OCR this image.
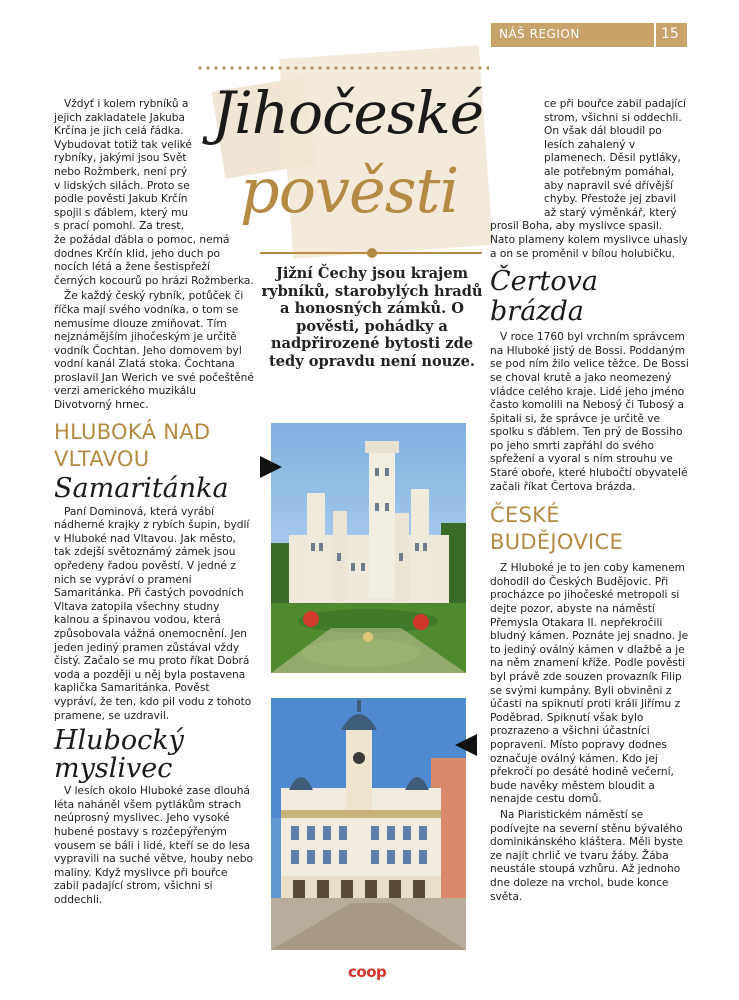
NÁŠ REGION	15
Jihočeské
pověsti
Jižní Čechy jsou krajem rybníků, starobylých hradů a honosných zámků. O pověsti, pohádky a nadpřirozené bytosti zde tedy opravdu není nouze.

Vždyť i kolem rybníků a jejich zakladatele Jakuba Krčína je jich celá řádka. Vybudovat totiž tak veliké rybníky, jakými jsou Svět nebo Rožmberk, není prý v lidských silách. Proto se podle pověsti Jakub Krčín spojil s ďáblem, který mu s prací pomohl. Za trest, že požádal ďábla o pomoc, nemá dodnes Krčín klid, jeho duch po nocích létá a žene šestispřeží černých kocourů po hrázi Rožmberka.

Že každý český rybník, potůček či říčka mají svého vodníka, o tom se nemusíme dlouze zmiňovat. Tím nejznámějším jihočeským je určitě vodník Čochtan. Jeho domovem byl vodní kanál Zlatá stoka. Čochtana proslavil Jan Werich ve své počeštěné verzi amerického muzikálu Divotvorný hrnec.

HLUBOKÁ NAD VLTAVOU
Samaritánka

Paní Dominová, která vyrábí nádherné krajky z rybích šupin, bydlí v Hluboké nad Vltavou. Jak město, tak zdejší světoznámý zámek jsou opředeny řadou pověstí. V jedné z nich se vypráví o prameni Samaritánka. Při častých povodních Vltava zatopila všechny studny kalnou a špinavou vodou, která způsobovala vážná onemocnění. Jen jeden jediný pramen zůstával vždy čistý. Začalo se mu proto říkat Dobrá voda a později u něj byla postavena kaplička Samaritánka. Pověst vypráví, že ten, kdo pil vodu z tohoto pramene, se uzdravil.

Hlubocký myslivec

V lesích okolo Hluboké zase dlouhá léta naháněl všem pytlákům strach neúprosný myslivec. Jeho vysoké hubené postavy s rozčepýřeným vousem se báli i lidé, kteří se do lesa vypravili na suché větve, houby nebo maliny. Když myslivce při bouřce zabil padající strom, všichni si oddechli.

ce při bouřce zabil padající strom, všichni si oddechli. On však dál bloudil po lesích zahalený v plamenech. Děsil pytláky, ale potřebným pomáhal, aby napravil své dřívější chyby. Přestože jej zbavil až starý výměnkář, který prosil Boha, aby myslivce spasil. Nato plameny kolem myslivce uhasly a on se proměnil v bílou holubičku.

Čertova brázda

V roce 1760 byl vrchním správcem na Hluboké jistý de Bossi. Poddaným se pod ním žilo velice těžce. De Bossi se choval krutě a jako neomezený vládce celého kraje. Lidé jeho jméno často komolili na Nebosý či Tubosý a špitali si, že správce je určitě ve spolku s ďáblem. Ten prý de Bossiho po jeho smrti zapřáhl do svého spřežení a vyoral s ním strouhu ve Staré oboře, které hlubočtí obyvatelé začali říkat Čertova brázda.

ČESKÉ BUDĚJOVICE

Z Hluboké je to jen coby kamenem dohodil do Českých Budějovic. Při procházce po jihočeské metropoli si dejte pozor, abyste na náměstí Přemysla Otakara II. nepřekročili bludný kámen. Poznáte jej snadno. Je to jediný oválný kámen v dlažbě a je na něm znamení kříže. Podle pověsti byl právě zde souzen provazník Filip se svými kumpány. Byli obviněni z účasti na spiknutí proti králi Jiřímu z Poděbrad. Spiknutí však bylo prozrazeno a všichni účastníci popraveni. Místo popravy dodnes označuje oválný kámen. Kdo jej překročí po desáté hodině večerní, bude navěky městem bloudit a nenajde cestu domů.

Na Piaristickém náměstí se podívejte na severní stěnu bývalého dominikánského kláštera. Měli byste ze najít chrlič ve tvaru žáby. Žába neustále stoupá vzhůru. Až jednoho dne doleze na vrchol, bude konce světa.

coop
